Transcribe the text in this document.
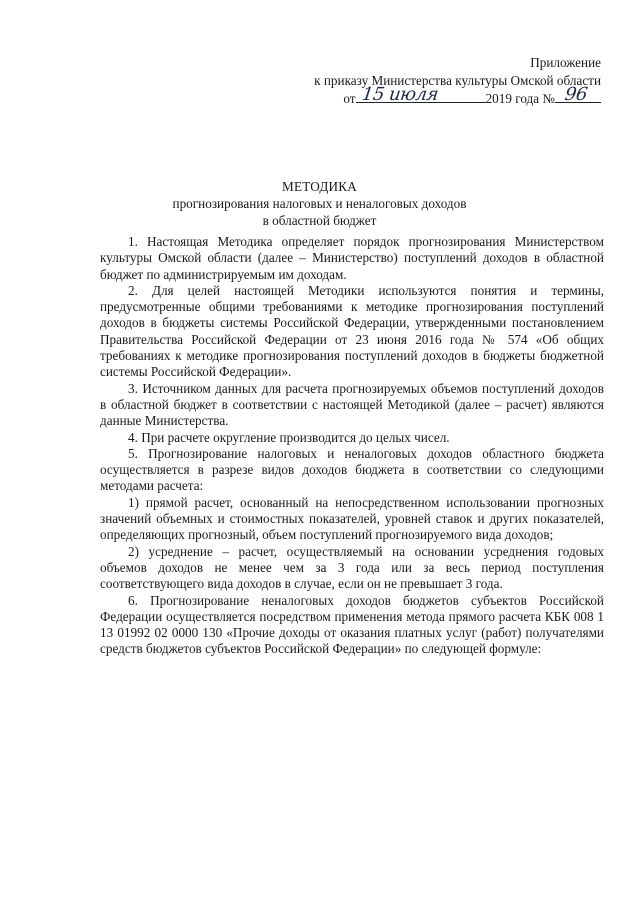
Приложение
к приказу Министерства культуры Омской области
от 15 июля	2019 года № 96
МЕТОДИКА
прогнозирования налоговых и неналоговых доходов
в областной бюджет

1. Настоящая Методика определяет порядок прогнозирования Министерством культуры Омской области (далее – Министерство) поступлений доходов в областной бюджет по администрируемым им доходам.

2. Для целей настоящей Методики используются понятия и термины, предусмотренные общими требованиями к методике прогнозирования поступлений доходов в бюджеты системы Российской Федерации, утвержденными постановлением Правительства Российской Федерации от 23 июня 2016 года № 574 «Об общих требованиях к методике прогнозирования поступлений доходов в бюджеты бюджетной системы Российской Федерации».

3. Источником данных для расчета прогнозируемых объемов поступлений доходов в областной бюджет в соответствии с настоящей Методикой (далее – расчет) являются данные Министерства.

4. При расчете округление производится до целых чисел.

5. Прогнозирование налоговых и неналоговых доходов областного бюджета осуществляется в разрезе видов доходов бюджета в соответствии со следующими методами расчета:

1) прямой расчет, основанный на непосредственном использовании прогнозных значений объемных и стоимостных показателей, уровней ставок и других показателей, определяющих прогнозный, объем поступлений прогнозируемого вида доходов;

2) усреднение – расчет, осуществляемый на основании усреднения годовых объемов доходов не менее чем за 3 года или за весь период поступления соответствующего вида доходов в случае, если он не превышает 3 года.

6. Прогнозирование неналоговых доходов бюджетов субъектов Российской Федерации осуществляется посредством применения метода прямого расчета КБК 008 1 13 01992 02 0000 130 «Прочие доходы от оказания платных услуг (работ) получателями средств бюджетов субъектов Российской Федерации» по следующей формуле:
